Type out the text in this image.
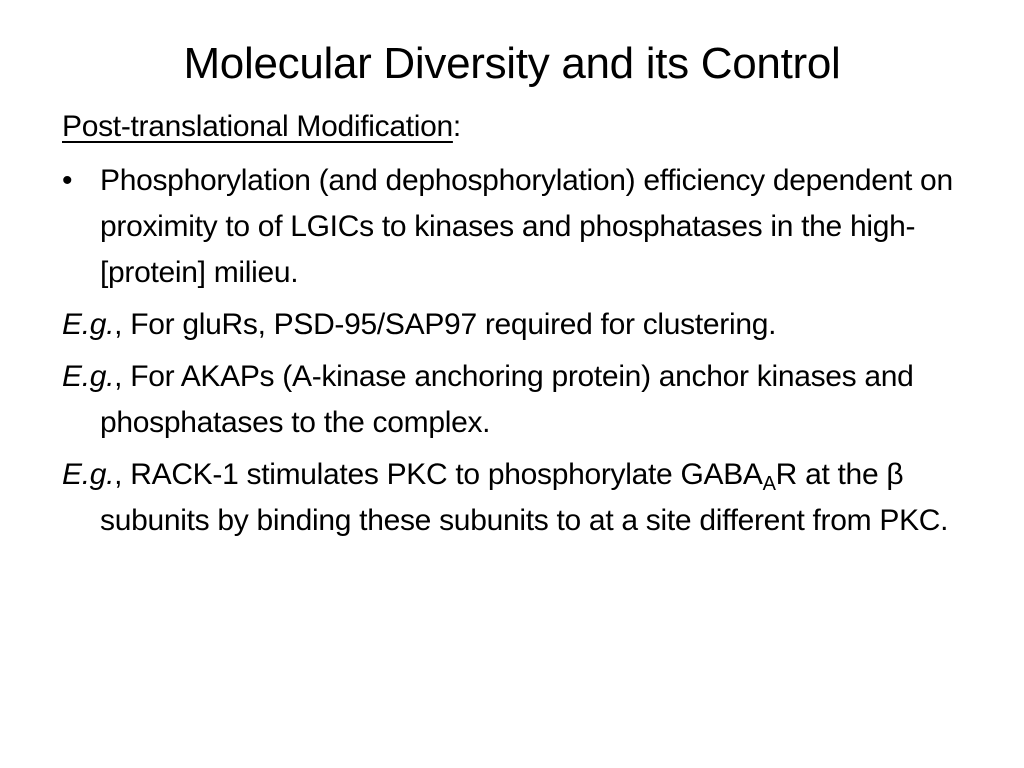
Molecular Diversity and its Control

Post-translational Modification:

• Phosphorylation (and dephosphorylation) efficiency dependent on proximity to of LGICs to kinases and phosphatases in the high-[protein] milieu.

E.g., For gluRs, PSD-95/SAP97 required for clustering.

E.g., For AKAPs (A-kinase anchoring protein) anchor kinases and phosphatases to the complex.

E.g., RACK-1 stimulates PKC to phosphorylate $GABA_AR$ at the β subunits by binding these subunits to at a site different from PKC.
